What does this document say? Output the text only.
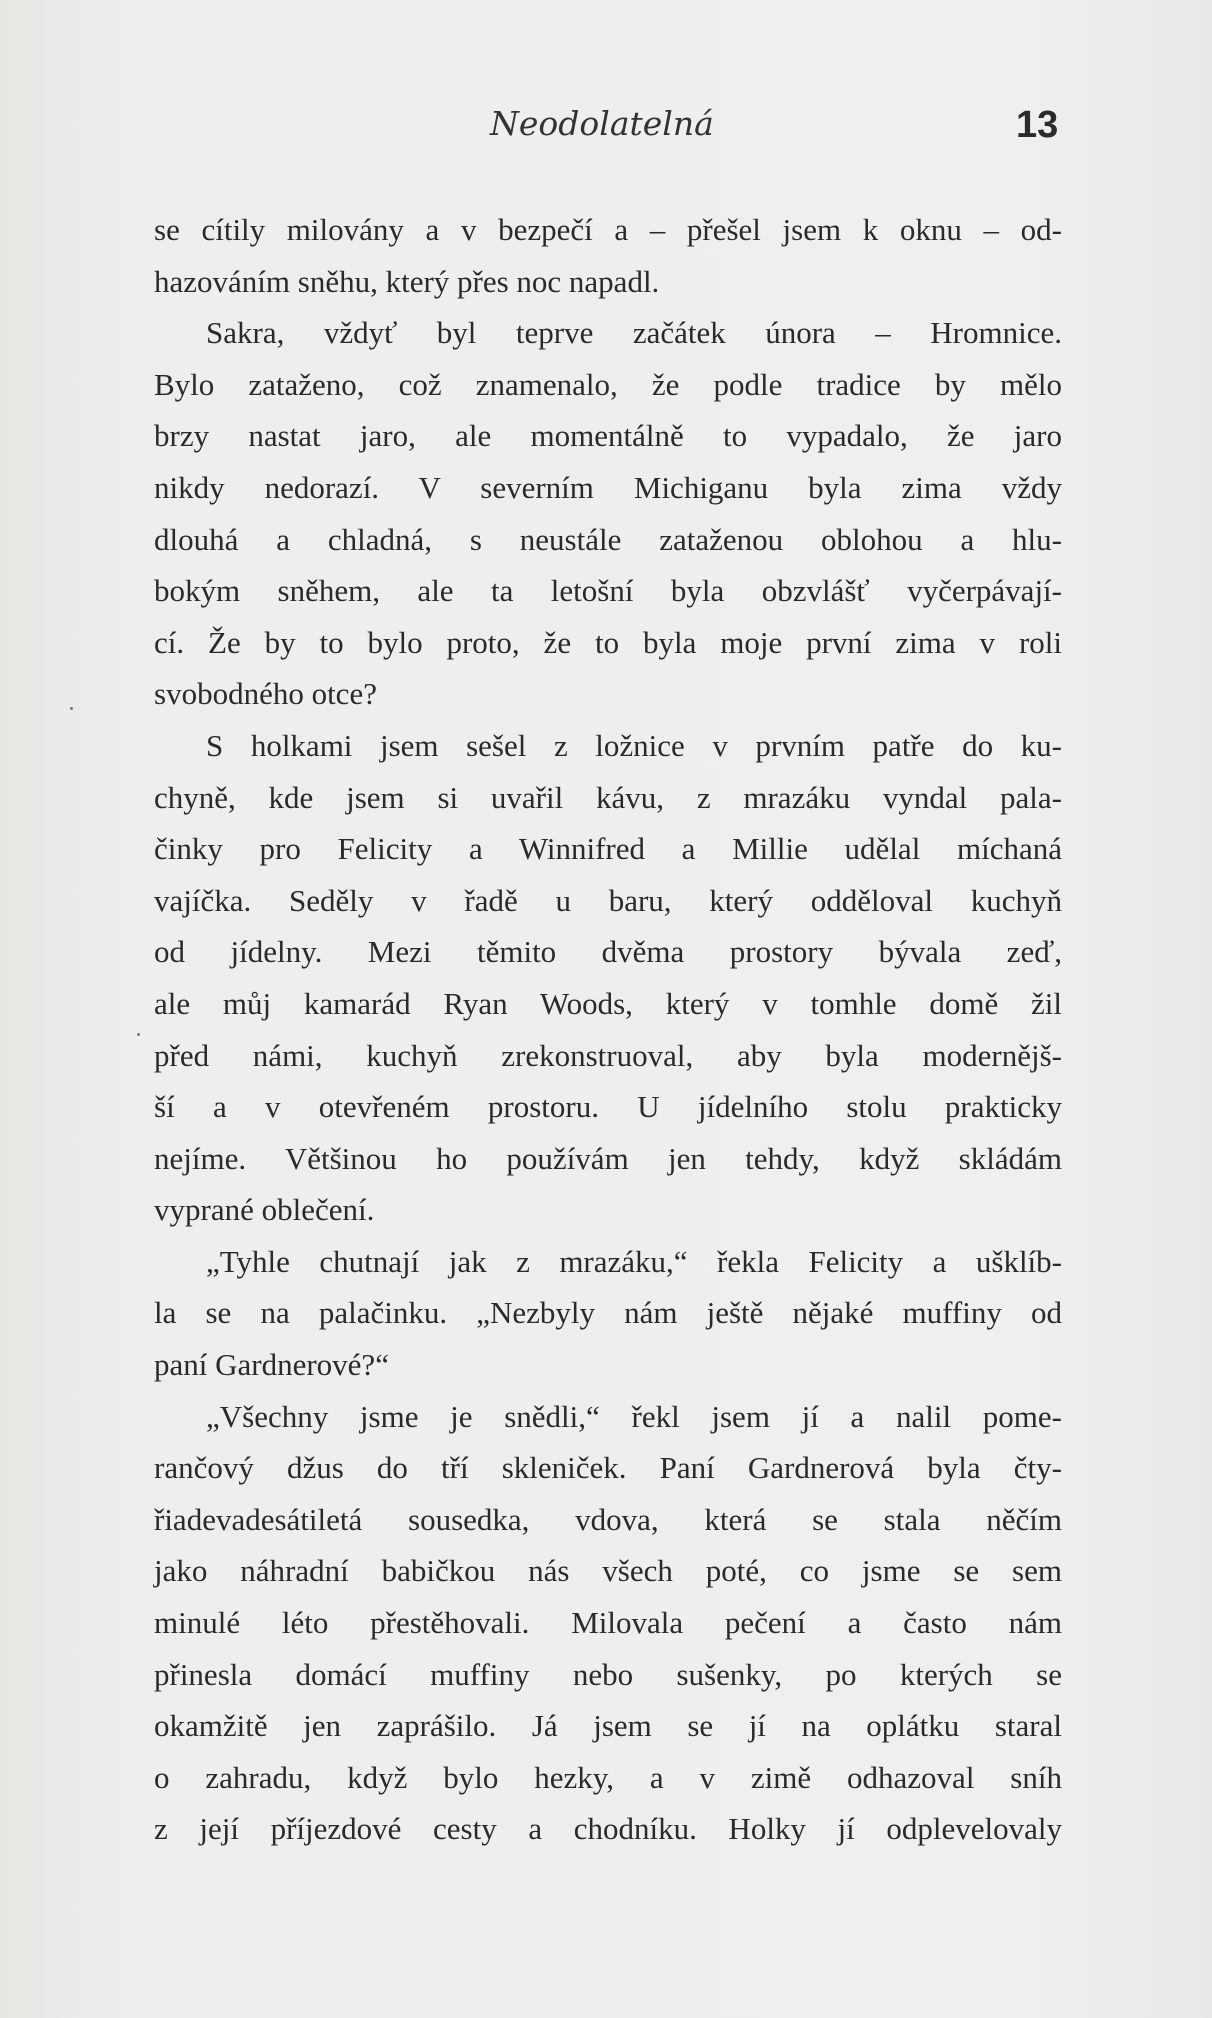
Neodolatelná	13
se cítily milovány a v bezpečí a – přešel jsem k oknu – od-
hazováním sněhu, který přes noc napadl.
Sakra, vždyť byl teprve začátek února – Hromnice.
Bylo zataženo, což znamenalo, že podle tradice by mělo
brzy nastat jaro, ale momentálně to vypadalo, že jaro
nikdy nedorazí. V severním Michiganu byla zima vždy
dlouhá a chladná, s neustále zataženou oblohou a hlu-
bokým sněhem, ale ta letošní byla obzvlášť vyčerpávají-
cí. Že by to bylo proto, že to byla moje první zima v roli
svobodného otce?
S holkami jsem sešel z ložnice v prvním patře do ku-
chyně, kde jsem si uvařil kávu, z mrazáku vyndal pala-
činky pro Felicity a Winnifred a Millie udělal míchaná
vajíčka. Seděly v řadě u baru, který odděloval kuchyň
od jídelny. Mezi těmito dvěma prostory bývala zeď,
ale můj kamarád Ryan Woods, který v tomhle domě žil
před námi, kuchyň zrekonstruoval, aby byla modernějš-
ší a v otevřeném prostoru. U jídelního stolu prakticky
nejíme. Většinou ho používám jen tehdy, když skládám
vyprané oblečení.
„Tyhle chutnají jak z mrazáku,“ řekla Felicity a ušklíb-
la se na palačinku. „Nezbyly nám ještě nějaké muffiny od
paní Gardnerové?“
„Všechny jsme je snědli,“ řekl jsem jí a nalil pome-
rančový džus do tří skleniček. Paní Gardnerová byla čty-
řiadevadesátiletá sousedka, vdova, která se stala něčím
jako náhradní babičkou nás všech poté, co jsme se sem
minulé léto přestěhovali. Milovala pečení a často nám
přinesla domácí muffiny nebo sušenky, po kterých se
okamžitě jen zaprášilo. Já jsem se jí na oplátku staral
o zahradu, když bylo hezky, a v zimě odhazoval sníh
z její příjezdové cesty a chodníku. Holky jí odplevelovaly
